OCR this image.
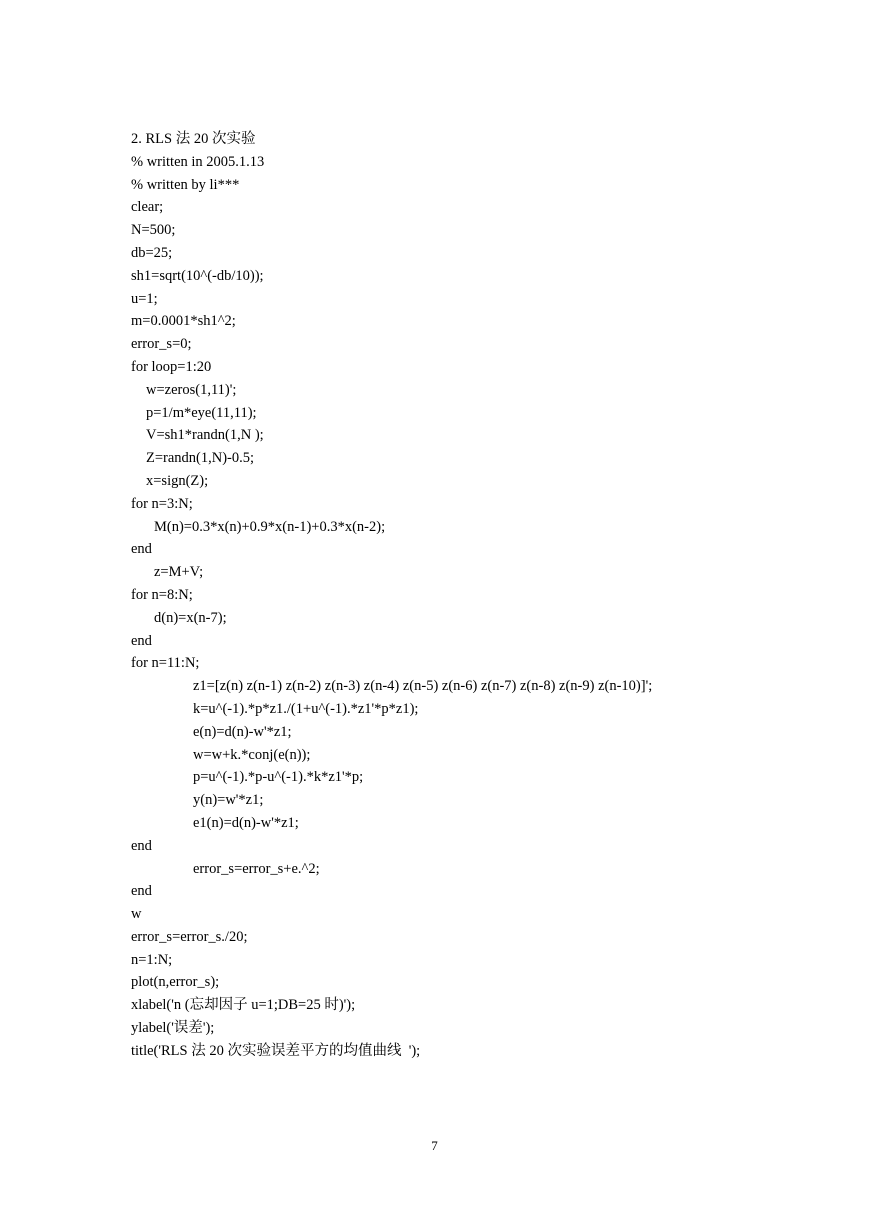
2. RLS 法 20 次实验
% written in 2005.1.13
% written by li***
clear;
N=500;
db=25;
sh1=sqrt(10^(-db/10));
u=1;
m=0.0001*sh1^2;
error_s=0;
for loop=1:20
w=zeros(1,11)';
p=1/m*eye(11,11);
V=sh1*randn(1,N );
Z=randn(1,N)-0.5;
x=sign(Z);
for n=3:N;
M(n)=0.3*x(n)+0.9*x(n-1)+0.3*x(n-2);
end
z=M+V;
for n=8:N;
d(n)=x(n-7);
end
for n=11:N;
z1=[z(n) z(n-1) z(n-2) z(n-3) z(n-4) z(n-5) z(n-6) z(n-7) z(n-8) z(n-9) z(n-10)]';
k=u^(-1).*p*z1./(1+u^(-1).*z1'*p*z1);
e(n)=d(n)-w'*z1;
w=w+k.*conj(e(n));
p=u^(-1).*p-u^(-1).*k*z1'*p;
y(n)=w'*z1;
e1(n)=d(n)-w'*z1;
end
error_s=error_s+e.^2;
end
w
error_s=error_s./20;
n=1:N;
plot(n,error_s);
xlabel('n (忘却因子 u=1;DB=25 时)');
ylabel('误差');
title('RLS 法 20 次实验误差平方的均值曲线  ');
7
